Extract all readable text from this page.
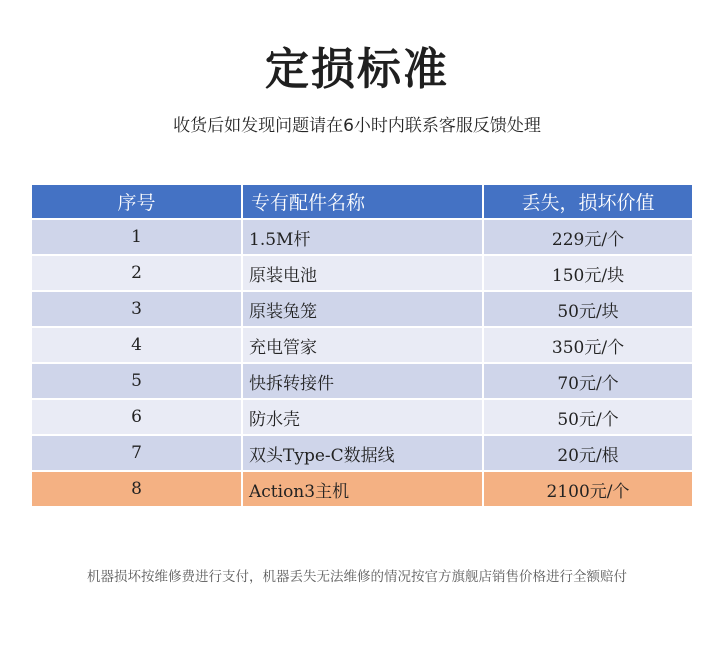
定损标准
收货后如发现问题请在6小时内联系客服反馈处理
序号	专有配件名称	丢失，损坏价值
1	1.5M杆	229元/个
2	原装电池	150元/块
3	原装兔笼	50元/块
4	充电管家	350元/个
5	快拆转接件	70元/个
6	防水壳	50元/个
7	双头Type-C数据线	20元/根
8	Action3主机	2100元/个
机器损坏按维修费进行支付，机器丢失无法维修的情况按官方旗舰店销售价格进行全额赔付
